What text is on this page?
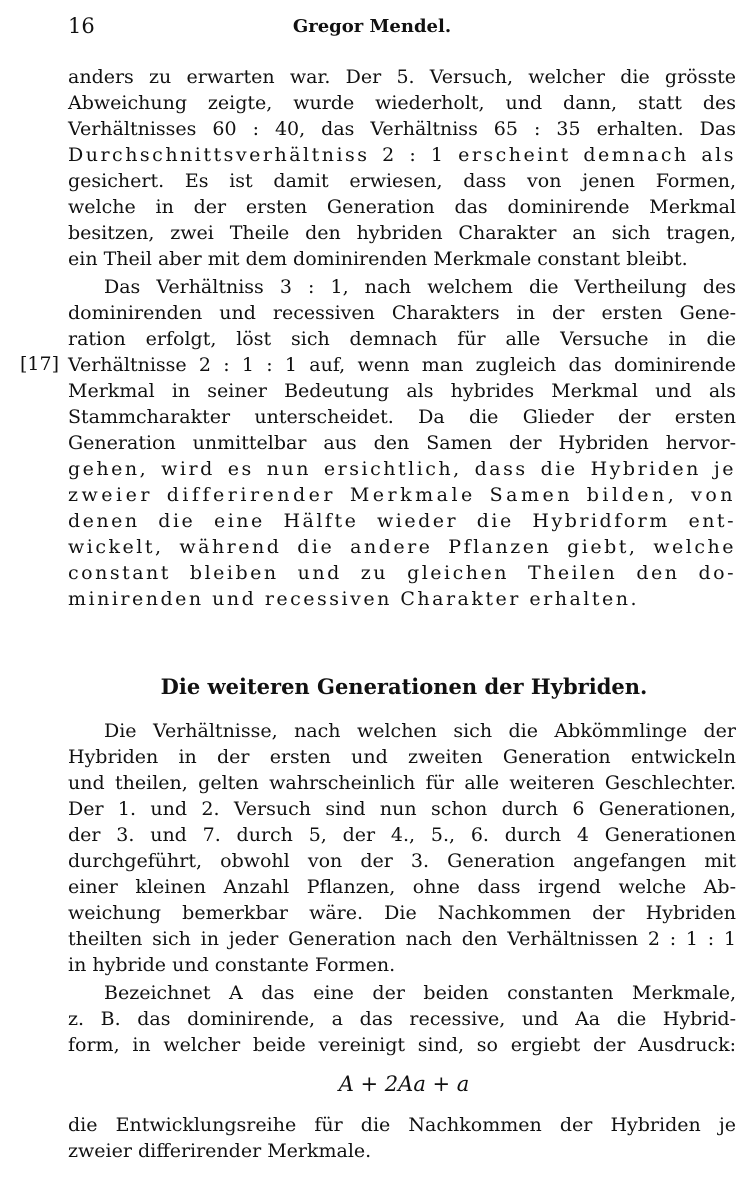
16	Gregor Mendel.
[17]
anders zu erwarten war. Der 5. Versuch, welcher die grösste
Abweichung zeigte, wurde wiederholt, und dann, statt des
Verhältnisses 60 : 40, das Verhältniss 65 : 35 erhalten. Das
Durchschnittsverhältniss 2 : 1 erscheint demnach als
gesichert. Es ist damit erwiesen, dass von jenen Formen,
welche in der ersten Generation das dominirende Merkmal
besitzen, zwei Theile den hybriden Charakter an sich tragen,
ein Theil aber mit dem dominirenden Merkmale constant bleibt.
Das Verhältniss 3 : 1, nach welchem die Vertheilung des
dominirenden und recessiven Charakters in der ersten Gene-
ration erfolgt, löst sich demnach für alle Versuche in die
Verhältnisse 2 : 1 : 1 auf, wenn man zugleich das dominirende
Merkmal in seiner Bedeutung als hybrides Merkmal und als
Stammcharakter unterscheidet. Da die Glieder der ersten
Generation unmittelbar aus den Samen der Hybriden hervor-
gehen, wird es nun ersichtlich, dass die Hybriden je
zweier differirender Merkmale Samen bilden, von
denen die eine Hälfte wieder die Hybridform ent-
wickelt, während die andere Pflanzen giebt, welche
constant bleiben und zu gleichen Theilen den do-
minirenden und recessiven Charakter erhalten.
Die weiteren Generationen der Hybriden.
Die Verhältnisse, nach welchen sich die Abkömmlinge der
Hybriden in der ersten und zweiten Generation entwickeln
und theilen, gelten wahrscheinlich für alle weiteren Geschlechter.
Der 1. und 2. Versuch sind nun schon durch 6 Generationen,
der 3. und 7. durch 5, der 4., 5., 6. durch 4 Generationen
durchgeführt, obwohl von der 3. Generation angefangen mit
einer kleinen Anzahl Pflanzen, ohne dass irgend welche Ab-
weichung bemerkbar wäre. Die Nachkommen der Hybriden
theilten sich in jeder Generation nach den Verhältnissen 2 : 1 : 1
in hybride und constante Formen.
Bezeichnet A das eine der beiden constanten Merkmale,
z. B. das dominirende, a das recessive, und Aa die Hybrid-
form, in welcher beide vereinigt sind, so ergiebt der Ausdruck:
A + 2Aa + a
die Entwicklungsreihe für die Nachkommen der Hybriden je
zweier differirender Merkmale.
